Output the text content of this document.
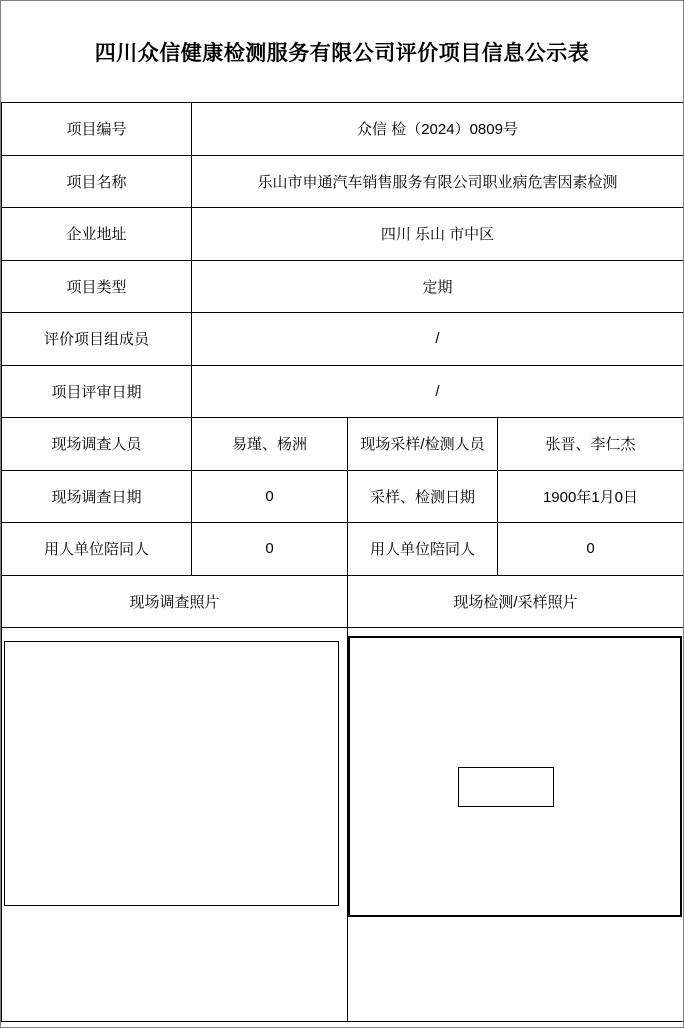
四川众信健康检测服务有限公司评价项目信息公示表
项目编号	众信 检（2024）0809号		
项目名称	乐山市申通汽车销售服务有限公司职业病危害因素检测		
企业地址	四川 乐山 市中区		
项目类型	定期		
评价项目组成员	/		
项目评审日期	/		
现场调查人员	易瑾、杨洲	现场采样/检测人员	张晋、李仁杰
现场调查日期	0	采样、检测日期	1900年1月0日
用人单位陪同人	0	用人单位陪同人	0
现场调查照片		现场检测/采样照片	
